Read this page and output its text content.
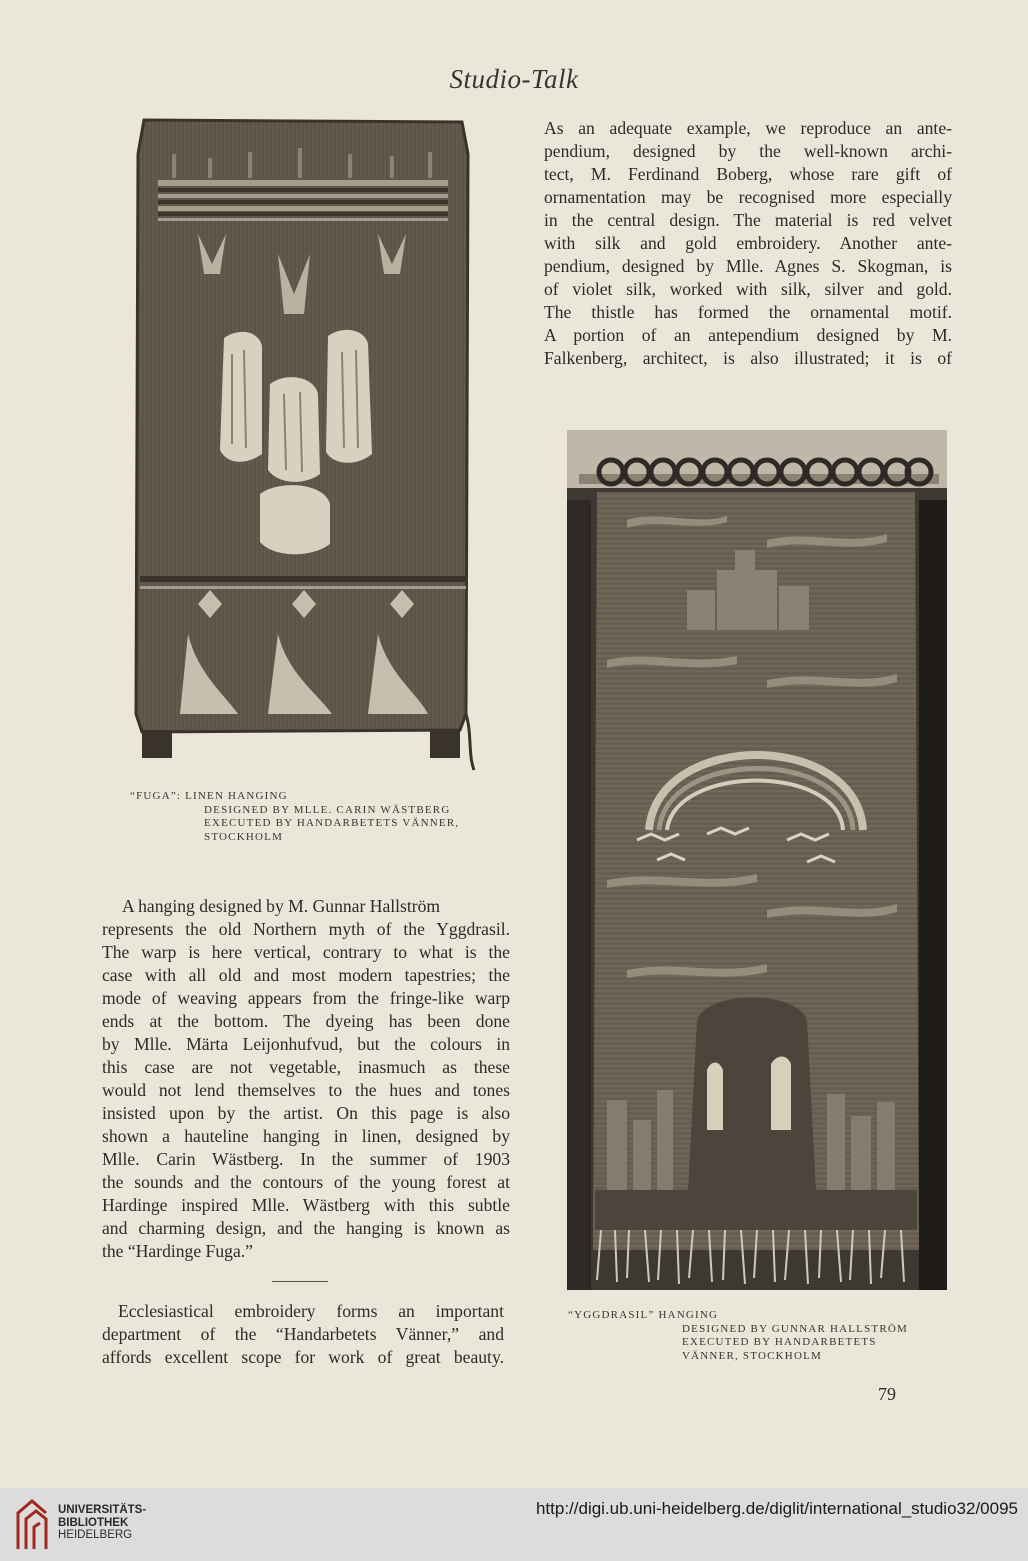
Studio-Talk

As an adequate example, we reproduce an ante-

pendium, designed by the well-known archi-

tect, M. Ferdinand Boberg, whose rare gift of

ornamentation may be recognised more especially

in the central design. The material is red velvet

with silk and gold embroidery. Another ante-

pendium, designed by Mlle. Agnes S. Skogman, is

of violet silk, worked with silk, silver and gold.

The thistle has formed the ornamental motif.

A portion of an antependium designed by M.

Falkenberg, architect, is also illustrated; it is of

“FUGA”: LINEN HANGING
DESIGNED BY MLLE. CARIN WÄSTBERG
EXECUTED BY HANDARBETETS VÄNNER,
STOCKHOLM
“YGGDRASIL” HANGING
DESIGNED BY GUNNAR HALLSTRÖM
EXECUTED BY HANDARBETETS
VÄNNER, STOCKHOLM

A hanging designed by M. Gunnar Hallström

represents the old Northern myth of the Yggdrasil.

The warp is here vertical, contrary to what is the

case with all old and most modern tapestries; the

mode of weaving appears from the fringe-like warp

ends at the bottom. The dyeing has been done

by Mlle. Märta Leijonhufvud, but the colours in

this case are not vegetable, inasmuch as these

would not lend themselves to the hues and tones

insisted upon by the artist. On this page is also

shown a hauteline hanging in linen, designed by

Mlle. Carin Wästberg. In the summer of 1903

the sounds and the contours of the young forest at

Hardinge inspired Mlle. Wästberg with this subtle

and charming design, and the hanging is known as

the “Hardinge Fuga.”

Ecclesiastical embroidery forms an important

department of the “Handarbetets Vänner,” and

affords excellent scope for work of great beauty.

79
UNIVERSITÄTS-
BIBLIOTHEK
HEIDELBERG
http://digi.ub.uni-heidelberg.de/diglit/international_studio32/0095
